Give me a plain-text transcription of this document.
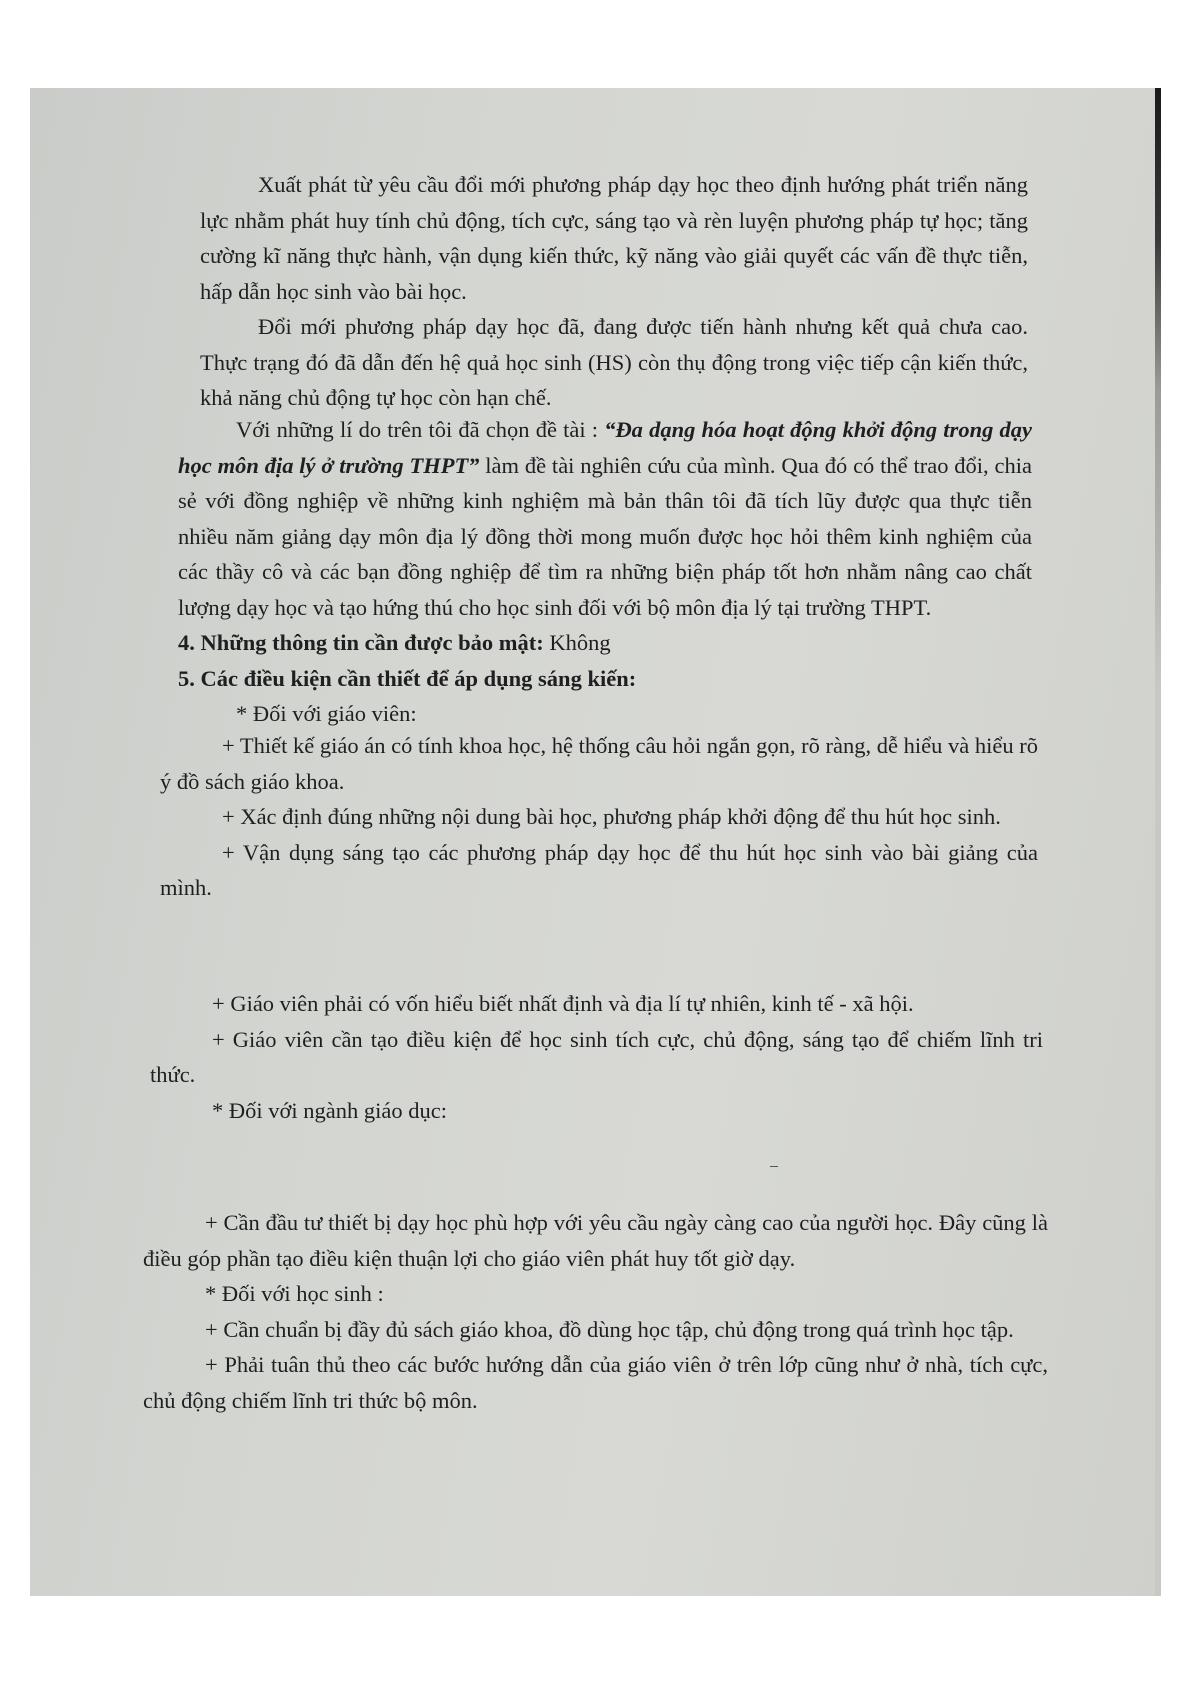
Xuất phát từ yêu cầu đổi mới phương pháp dạy học theo định hướng phát triển năng lực nhằm phát huy tính chủ động, tích cực, sáng tạo và rèn luyện phương pháp tự học; tăng cường kĩ năng thực hành, vận dụng kiến thức, kỹ năng vào giải quyết các vấn đề thực tiễn, hấp dẫn học sinh vào bài học.

Đổi mới phương pháp dạy học đã, đang được tiến hành nhưng kết quả chưa cao. Thực trạng đó đã dẫn đến hệ quả học sinh (HS) còn thụ động trong việc tiếp cận kiến thức, khả năng chủ động tự học còn hạn chế.

Với những lí do trên tôi đã chọn đề tài : “Đa dạng hóa hoạt động khởi động trong dạy học môn địa lý ở trường THPT” làm đề tài nghiên cứu của mình. Qua đó có thể trao đổi, chia sẻ với đồng nghiệp về những kinh nghiệm mà bản thân tôi đã tích lũy được qua thực tiễn nhiều năm giảng dạy môn địa lý đồng thời mong muốn được học hỏi thêm kinh nghiệm của các thầy cô và các bạn đồng nghiệp để tìm ra những biện pháp tốt hơn nhằm nâng cao chất lượng dạy học và tạo hứng thú cho học sinh đối với bộ môn địa lý tại trường THPT.

4. Những thông tin cần được bảo mật: Không

5. Các điều kiện cần thiết để áp dụng sáng kiến:

* Đối với giáo viên:

+ Thiết kế giáo án có tính khoa học, hệ thống câu hỏi ngắn gọn, rõ ràng, dễ hiểu và hiểu rõ ý đồ sách giáo khoa.

+ Xác định đúng những nội dung bài học, phương pháp khởi động để thu hút học sinh.

+ Vận dụng sáng tạo các phương pháp dạy học để thu hút học sinh vào bài giảng của mình.

+ Giáo viên phải có vốn hiểu biết nhất định và địa lí tự nhiên, kinh tế - xã hội.

+ Giáo viên cần tạo điều kiện để học sinh tích cực, chủ động, sáng tạo để chiếm lĩnh tri thức.

* Đối với ngành giáo dục:

+ Cần đầu tư thiết bị dạy học phù hợp với yêu cầu ngày càng cao của người học. Đây cũng là điều góp phần tạo điều kiện thuận lợi cho giáo viên phát huy tốt giờ dạy.

* Đối với học sinh :

+ Cần chuẩn bị đầy đủ sách giáo khoa, đồ dùng học tập, chủ động trong quá trình học tập.

+ Phải tuân thủ theo các bước hướng dẫn của giáo viên ở trên lớp cũng như ở nhà, tích cực, chủ động chiếm lĩnh tri thức bộ môn.
